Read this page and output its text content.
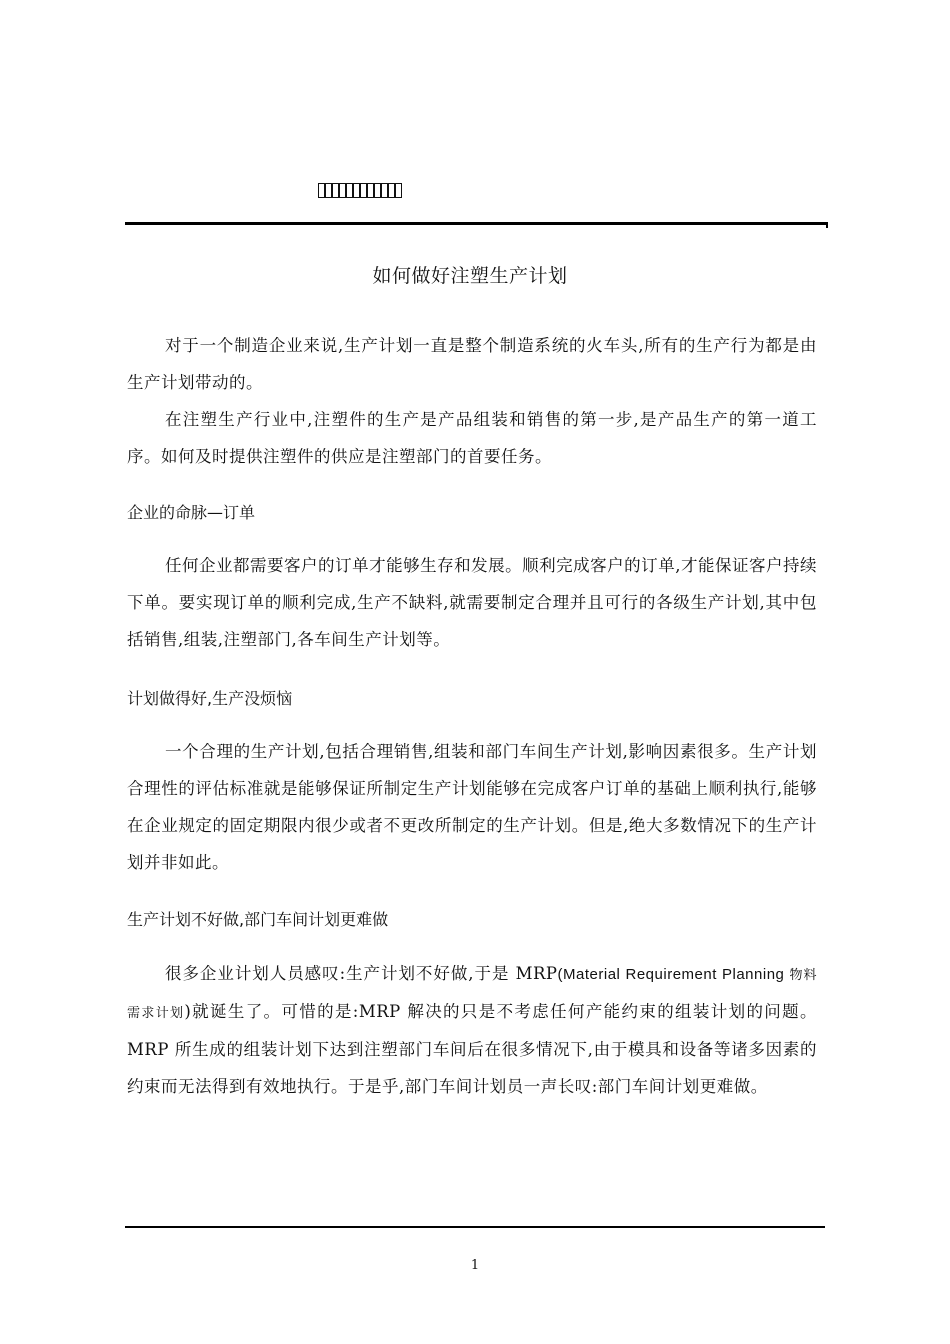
如何做好注塑生产计划

对于一个制造企业来说,生产计划一直是整个制造系统的火车头,所有的生产行为都是由生产计划带动的。

在注塑生产行业中,注塑件的生产是产品组装和销售的第一步,是产品生产的第一道工序。如何及时提供注塑件的供应是注塑部门的首要任务。

企业的命脉—订单

任何企业都需要客户的订单才能够生存和发展。顺利完成客户的订单,才能保证客户持续下单。要实现订单的顺利完成,生产不缺料,就需要制定合理并且可行的各级生产计划,其中包括销售,组装,注塑部门,各车间生产计划等。

计划做得好,生产没烦恼

一个合理的生产计划,包括合理销售,组装和部门车间生产计划,影响因素很多。生产计划合理性的评估标准就是能够保证所制定生产计划能够在完成客户订单的基础上顺利执行,能够在企业规定的固定期限内很少或者不更改所制定的生产计划。但是,绝大多数情况下的生产计划并非如此。

生产计划不好做,部门车间计划更难做

很多企业计划人员感叹:生产计划不好做,于是 MRP(Material Requirement Planning 物料需求计划)就诞生了。可惜的是:MRP 解决的只是不考虑任何产能约束的组装计划的问题。MRP 所生成的组装计划下达到注塑部门车间后在很多情况下,由于模具和设备等诸多因素的约束而无法得到有效地执行。于是乎,部门车间计划员一声长叹:部门车间计划更难做。

1
